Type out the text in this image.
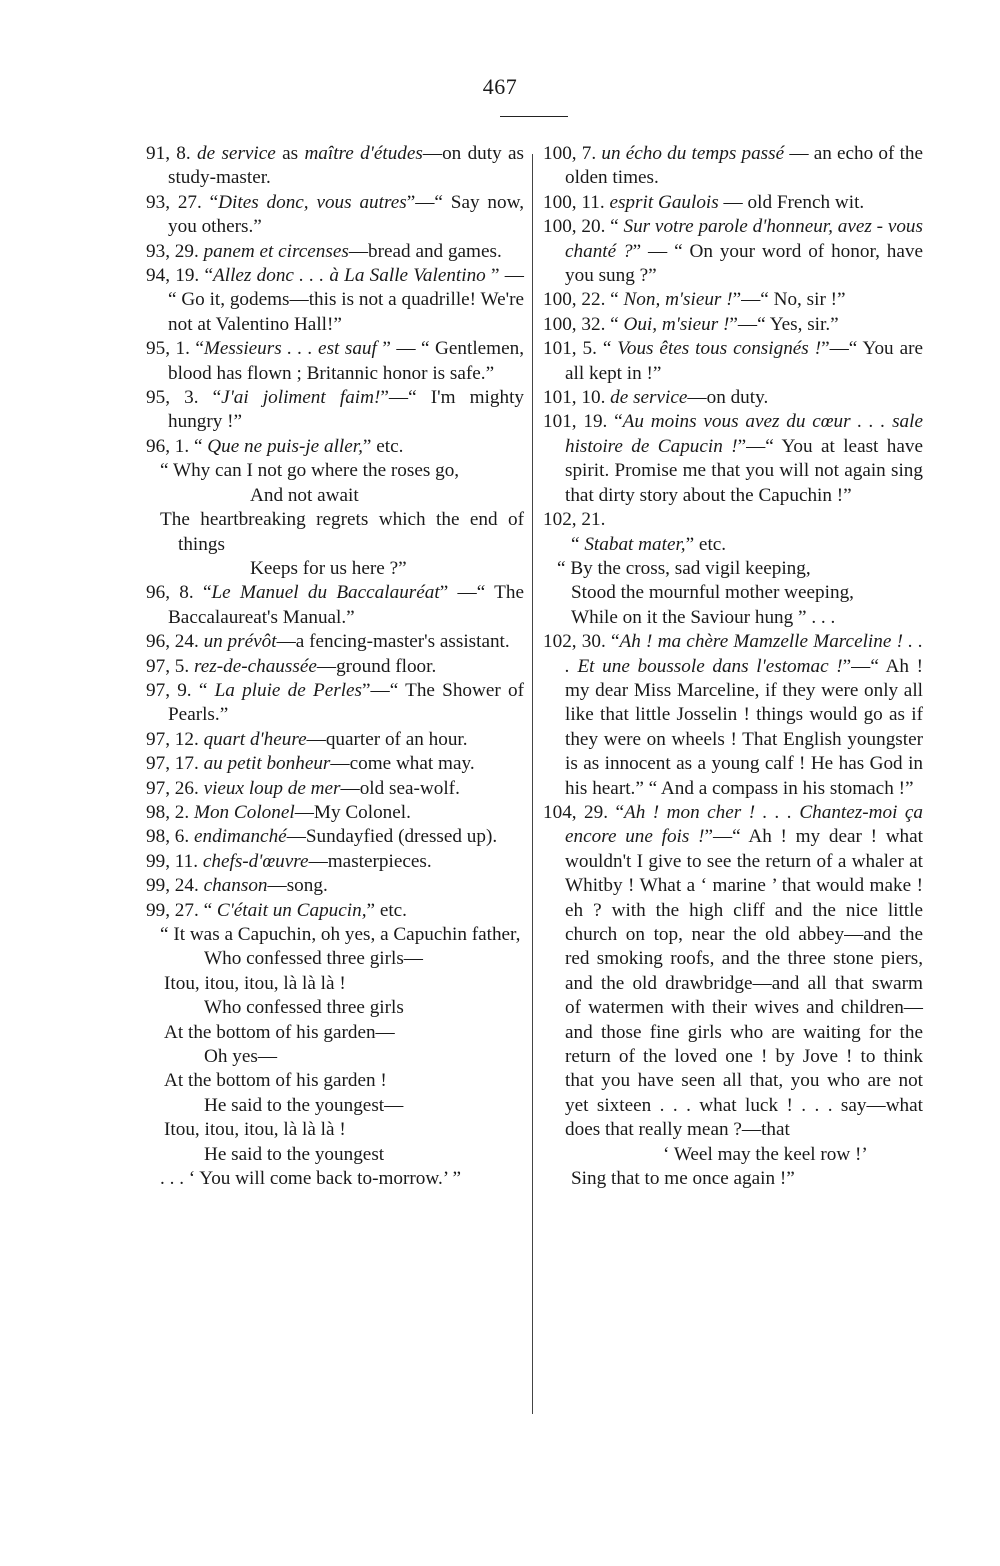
467

91, 8. de service as maître d'études—on duty as study-master.

93, 27. “Dites donc, vous autres”—“ Say now, you others.”

93, 29. panem et circenses—bread and games.

94, 19. “Allez donc . . . à La Salle Valentino ” — “ Go it, godems—this is not a quadrille! We're not at Valentino Hall!”

95, 1. “Messieurs . . . est sauf ” — “ Gentlemen, blood has flown ; Britannic honor is safe.”

95, 3. “J'ai joliment faim!”—“ I'm mighty hungry !”

96, 1. “ Que ne puis-je aller,” etc.

“ Why can I not go where the roses go,

And not await

The heartbreaking regrets which the end of things

Keeps for us here ?”

96, 8. “Le Manuel du Baccalauréat” —“ The Baccalaureat's Manual.”

96, 24. un prévôt—a fencing-master's assistant.

97, 5. rez-de-chaussée—ground floor.

97, 9. “ La pluie de Perles”—“ The Shower of Pearls.”

97, 12. quart d'heure—quarter of an hour.

97, 17. au petit bonheur—come what may.

97, 26. vieux loup de mer—old sea-wolf.

98, 2. Mon Colonel—My Colonel.

98, 6. endimanché—Sundayfied (dressed up).

99, 11. chefs-d'œuvre—masterpieces.

99, 24. chanson—song.

99, 27. “ C'était un Capucin,” etc.

“ It was a Capuchin, oh yes, a Capuchin father,

Who confessed three girls—

Itou, itou, itou, là là là !

Who confessed three girls

At the bottom of his garden—

Oh yes—

At the bottom of his garden !

He said to the youngest—

Itou, itou, itou, là là là !

He said to the youngest

. . . ‘ You will come back to-morrow.’ ”

100, 7. un écho du temps passé — an echo of the olden times.

100, 11. esprit Gaulois — old French wit.

100, 20. “ Sur votre parole d'honneur, avez - vous chanté ?” — “ On your word of honor, have you sung ?”

100, 22. “ Non, m'sieur !”—“ No, sir !”

100, 32. “ Oui, m'sieur !”—“ Yes, sir.”

101, 5. “ Vous êtes tous consignés !”—“ You are all kept in !”

101, 10. de service—on duty.

101, 19. “Au moins vous avez du cœur . . . sale histoire de Capucin !”—“ You at least have spirit. Promise me that you will not again sing that dirty story about the Capuchin !”

102, 21.

“ Stabat mater,” etc.

“ By the cross, sad vigil keeping,

Stood the mournful mother weeping,

While on it the Saviour hung ” . . .

102, 30. “Ah ! ma chère Mamzelle Marceline ! . . . Et une boussole dans l'estomac !”—“ Ah ! my dear Miss Marceline, if they were only all like that little Josselin ! things would go as if they were on wheels ! That English youngster is as innocent as a young calf ! He has God in his heart.” “ And a compass in his stomach !”

104, 29. “Ah ! mon cher ! . . . Chantez-moi ça encore une fois !”—“ Ah ! my dear ! what wouldn't I give to see the return of a whaler at Whitby ! What a ‘ marine ’ that would make ! eh ? with the high cliff and the nice little church on top, near the old abbey—and the red smoking roofs, and the three stone piers, and the old drawbridge—and all that swarm of watermen with their wives and children—and those fine girls who are waiting for the return of the loved one ! by Jove ! to think that you have seen all that, you who are not yet sixteen . . . what luck ! . . . say—what does that really mean ?—that

‘ Weel may the keel row !’

Sing that to me once again !”
